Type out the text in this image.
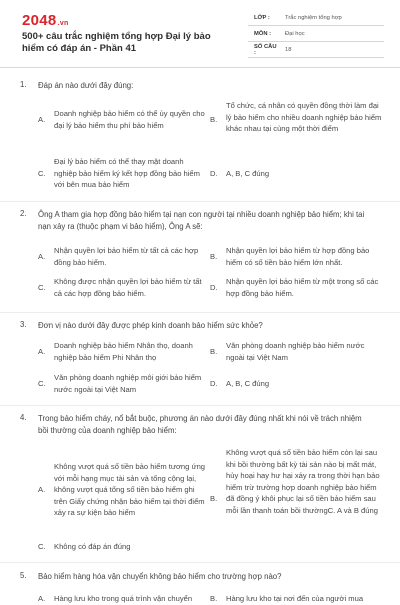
2048.vn
500+ câu trắc nghiệm tổng hợp Đại lý bảo hiểm có đáp án - Phần 41
LỚP :	Trắc nghiệm tổng hợp
MÔN :	Đại học
SỐ CÂU :	18
1. Đáp án nào dưới đây đúng:
A.
Doanh nghiệp bảo hiểm có thể ủy quyền cho đại lý bảo hiểm thu phí bảo hiểm
B.
Tổ chức, cá nhân có quyền đồng thời làm đại lý bảo hiểm cho nhiều doanh nghiệp bảo hiểm khác nhau tại cùng một thời điểm
C.
Đại lý bảo hiểm có thể thay mặt doanh nghiệp bảo hiểm ký kết hợp đồng bảo hiểm với bên mua bảo hiểm
D. A, B, C đúng
2. Ông A tham gia hợp đồng bảo hiểm tại nạn con người tại nhiều doanh nghiệp bảo hiểm; khi tai nạn xảy ra (thuộc phạm vi bảo hiểm), Ông A sẽ:
A.
Nhận quyền lợi bảo hiểm từ tất cả các hợp đồng bảo hiểm.
B.
Nhận quyền lợi bảo hiểm từ hợp đồng bảo hiểm có số tiền bảo hiểm lớn nhất.
C.
Không được nhận quyền lợi bảo hiểm từ tất cả các hợp đồng bảo hiểm.
D.
Nhận quyền lợi bảo hiểm từ một trong số các hợp đồng bảo hiểm.
3. Đơn vị nào dưới đây được phép kinh doanh bảo hiểm sức khỏe?
A.
Doanh nghiệp bảo hiểm Nhân thọ, doanh nghiệp bảo hiểm Phi Nhân thọ
B.
Văn phòng doanh nghiệp bảo hiểm nước ngoài tại Việt Nam
C.
Văn phòng doanh nghiệp môi giới bảo hiểm nước ngoài tại Việt Nam
D. A, B, C đúng
4. Trong bảo hiểm cháy, nổ bắt buộc, phương án nào dưới đây đúng nhất khi nói về trách nhiệm bồi thường của doanh nghiệp bảo hiểm:
A.
Không vượt quá số tiền bảo hiểm tương ứng với mỗi hạng mục tài sản và tổng cộng lại, không vượt quá tổng số tiền bảo hiểm ghi trên Giấy chứng nhận bảo hiểm tại thời điểm xảy ra sự kiện bảo hiểm
B.
Không vượt quá số tiền bảo hiểm còn lại sau khi bồi thường bất kỳ tài sản nào bị mất mát, hủy hoại hay hư hại xảy ra trong thời hạn bảo hiểm trừ trường hợp doanh nghiệp bảo hiểm đã đồng ý khôi phục lại số tiền bảo hiểm sau mỗi lần thanh toán bồi thườngC. A và B đúng
C. Không có đáp án đúng
5. Bảo hiểm hàng hóa vận chuyển không bảo hiểm cho trường hợp nào?
A. Hàng lưu kho trong quá trình vận chuyển	B. Hàng lưu kho tại nơi đến của người mua
